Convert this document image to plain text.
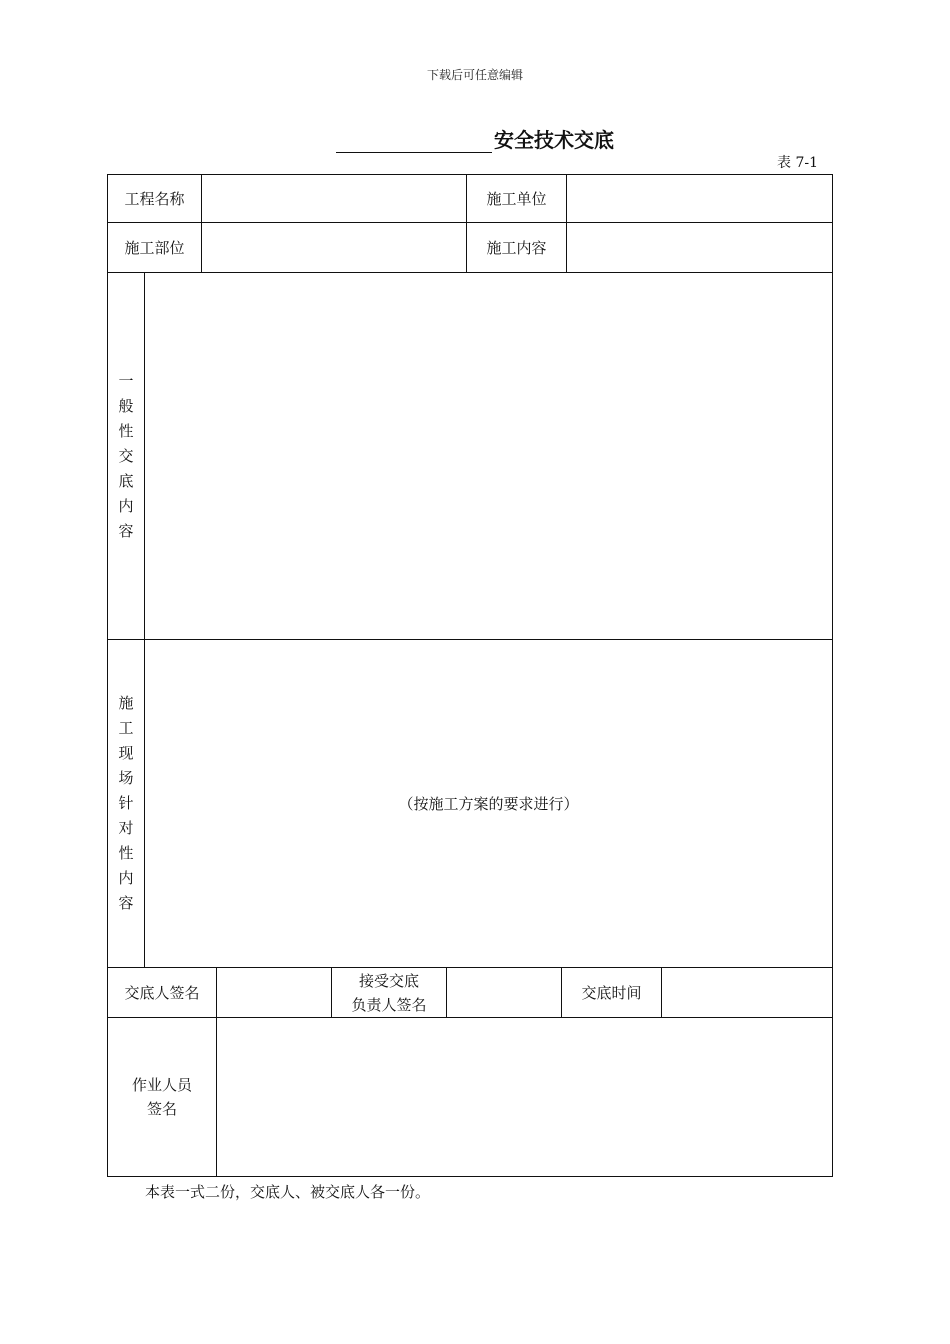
下载后可任意编辑
安全技术交底
表 7-1
工程名称	施工单位
施工部位	施工内容
一
般
性
交
底
内
容
施
工
现
场
针
对
性
内
容
（按施工方案的要求进行）
交底人签名
接受交底
负责人签名
交底时间
作业人员
签名
本表一式二份，交底人、被交底人各一份。
